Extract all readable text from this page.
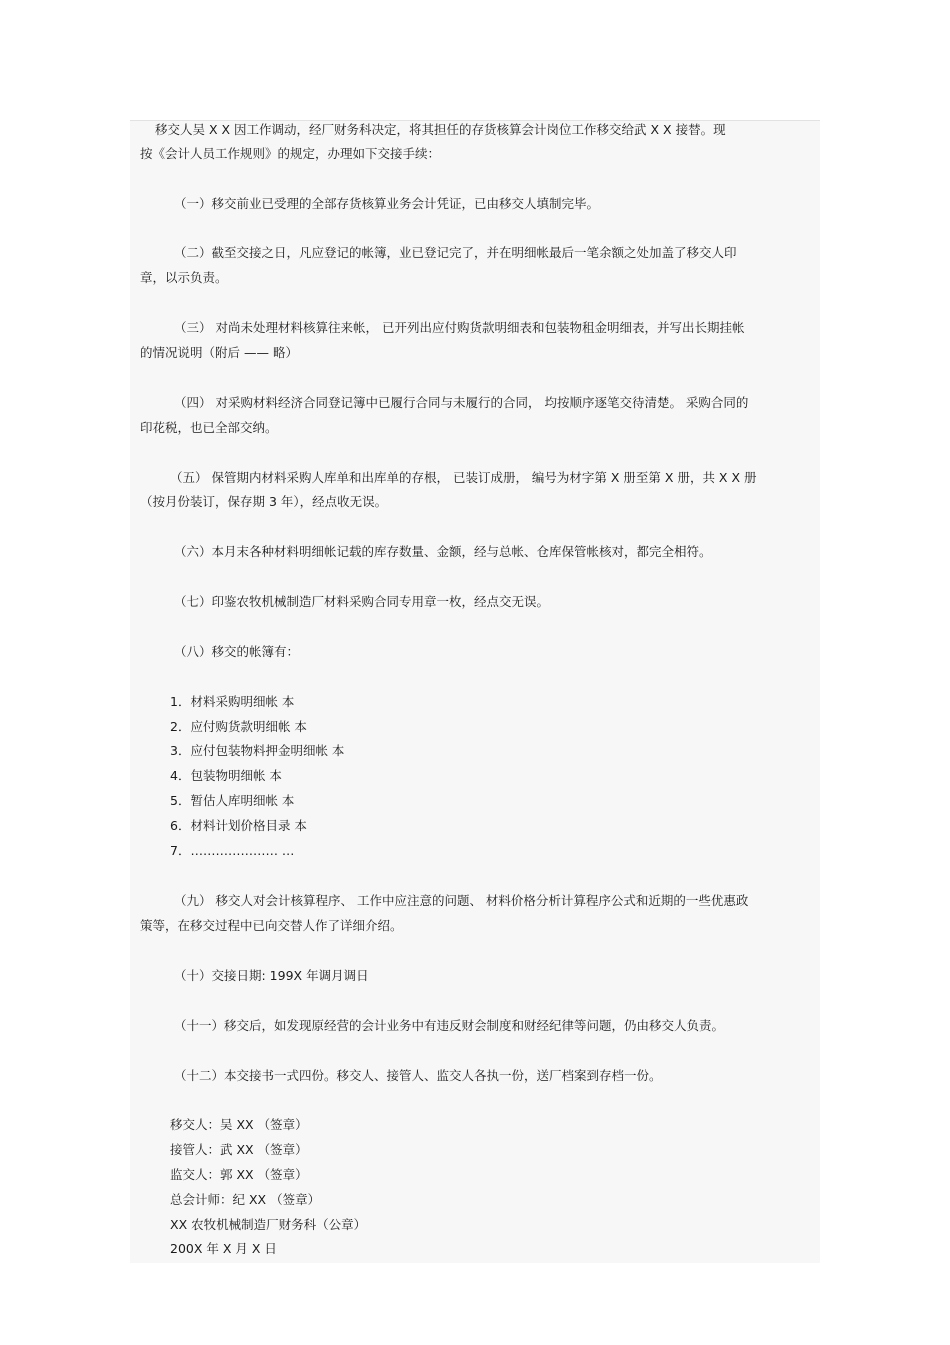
移交人吴 X X 因工作调动，经厂财务科决定，将其担任的存货核算会计岗位工作移交给武 X X 接替。现

按《会计人员工作规则》的规定，办理如下交接手续：

（一）移交前业已受理的全部存货核算业务会计凭证，已由移交人填制完毕。

（二）截至交接之日，凡应登记的帐簿，业已登记完了，并在明细帐最后一笔余额之处加盖了移交人印

章，以示负责。

（三） 对尚未处理材料核算往来帐， 已开列出应付购货款明细表和包装物租金明细表，并写出长期挂帐

的情况说明（附后 —— 略）

（四） 对采购材料经济合同登记簿中已履行合同与未履行的合同， 均按顺序逐笔交待清楚。 采购合同的

印花税，也已全部交纳。

（五） 保管期内材料采购人库单和出库单的存根， 已装订成册， 编号为材字第 X 册至第 X 册，共 X X 册

（按月份装订，保存期 3 年），经点收无误。

（六）本月末各种材料明细帐记载的库存数量、金额，经与总帐、仓库保管帐核对，都完全相符。

（七）印鉴农牧机械制造厂材料采购合同专用章一枚，经点交无误。

（八）移交的帐簿有：

1．材料采购明细帐 本

2．应付购货款明细帐 本

3．应付包装物料押金明细帐 本

4．包装物明细帐 本

5．暂估人库明细帐 本

6．材料计划价格目录 本

7．………………… …

（九） 移交人对会计核算程序、 工作中应注意的问题、 材料价格分析计算程序公式和近期的一些优惠政

策等，在移交过程中已向交替人作了详细介绍。

（十）交接日期: 199X 年调月调日

（十一）移交后，如发现原经营的会计业务中有违反财会制度和财经纪律等问题，仍由移交人负责。

（十二）本交接书一式四份。移交人、接管人、监交人各执一份，送厂档案到存档一份。

移交人：吴 XX （签章）

接管人：武 XX （签章）

监交人：郭 XX （签章）

总会计师：纪 XX （签章）

XX 农牧机械制造厂财务科（公章）

200X 年 X 月 X 日
